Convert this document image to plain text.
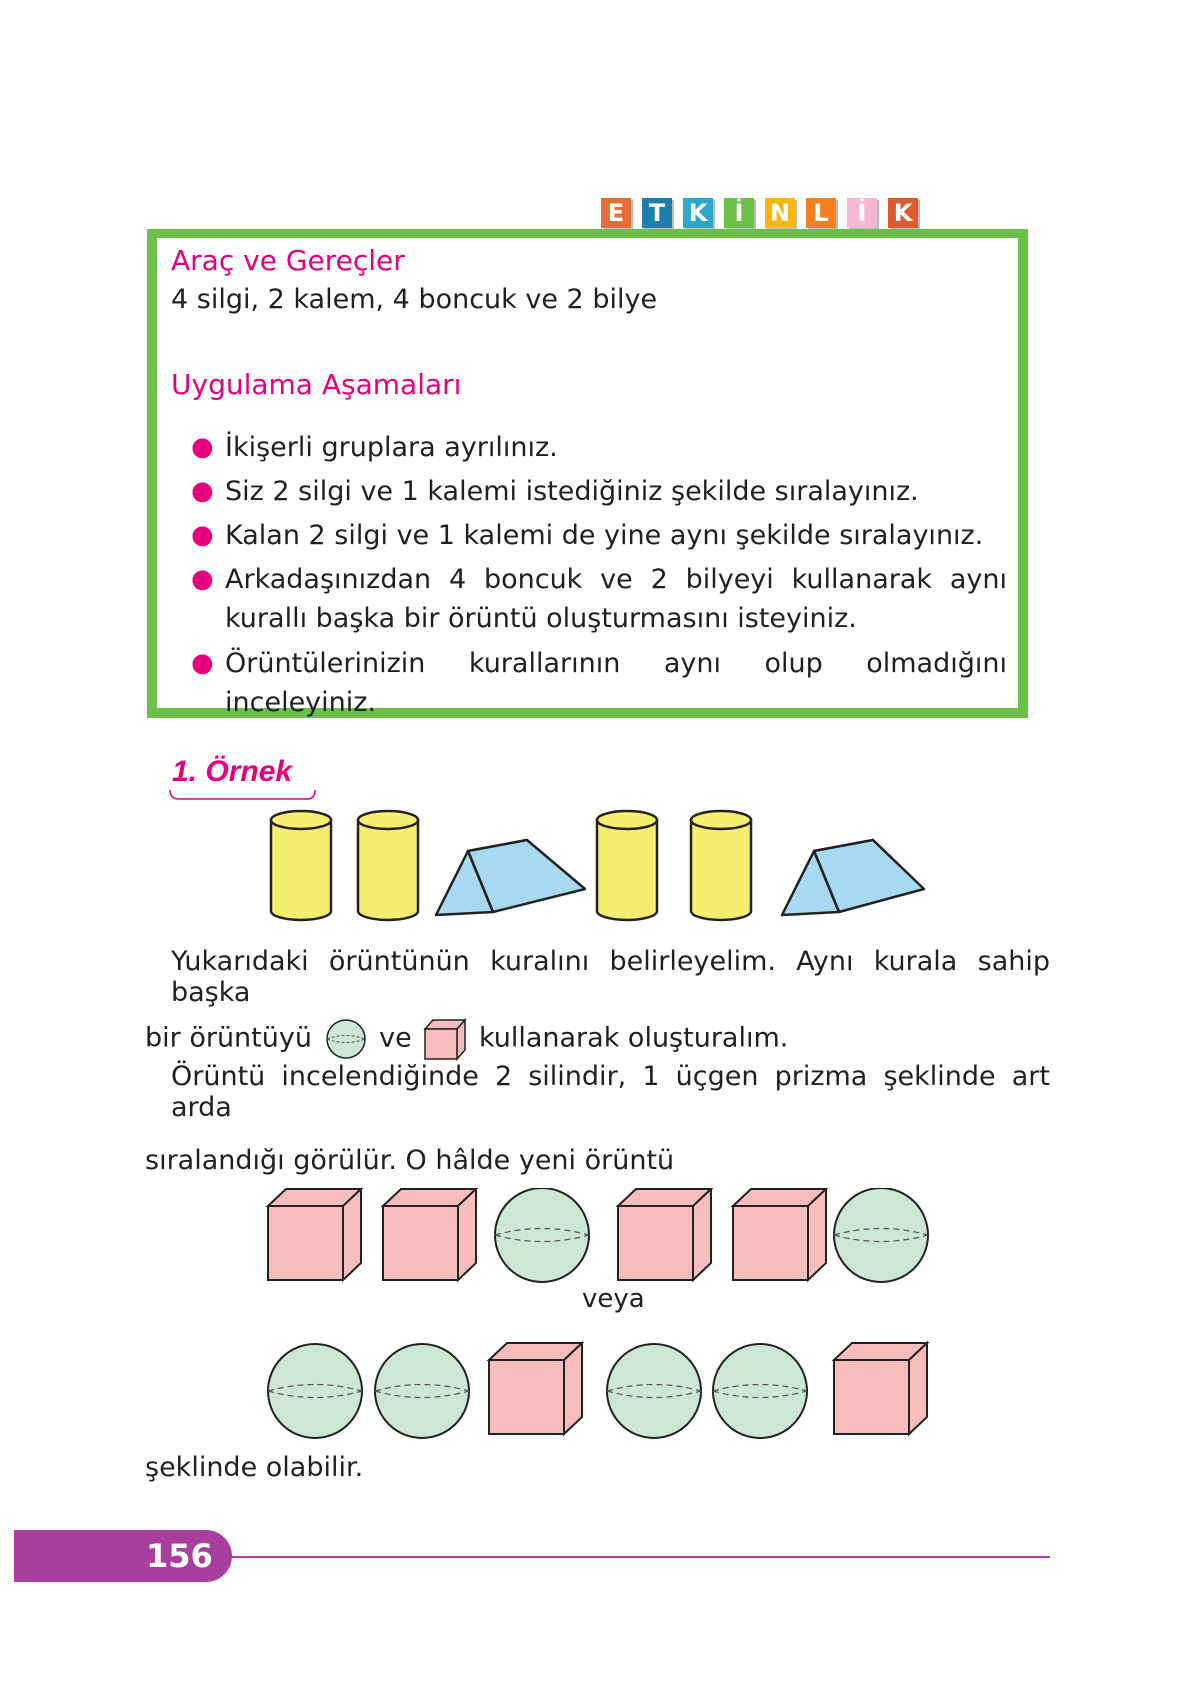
E T K	İ	N L	İ	K
Araç ve Gereçler
4 silgi, 2 kalem, 4 boncuk ve 2 bilye
Uygulama Aşamaları
● İkişerli gruplara ayrılınız.
● Siz 2 silgi ve 1 kalemi istediğiniz şekilde sıralayınız.
● Kalan 2 silgi ve 1 kalemi de yine aynı şekilde sıralayınız.
● Arkadaşınızdan 4 boncuk ve 2 bilyeyi kullanarak aynı kurallı başka bir örüntü oluşturmasını isteyiniz.
● Örüntülerinizin kurallarının aynı olup olmadığını inceleyiniz.
1. Örnek
Yukarıdaki örüntünün kuralını belirleyelim. Aynı kurala sahip başka
bir örüntüyü ve kullanarak oluşturalım.
Örüntü incelendiğinde 2 silindir, 1 üçgen prizma şeklinde art arda
sıralandığı görülür. O hâlde yeni örüntü
veya
şeklinde olabilir.
156
